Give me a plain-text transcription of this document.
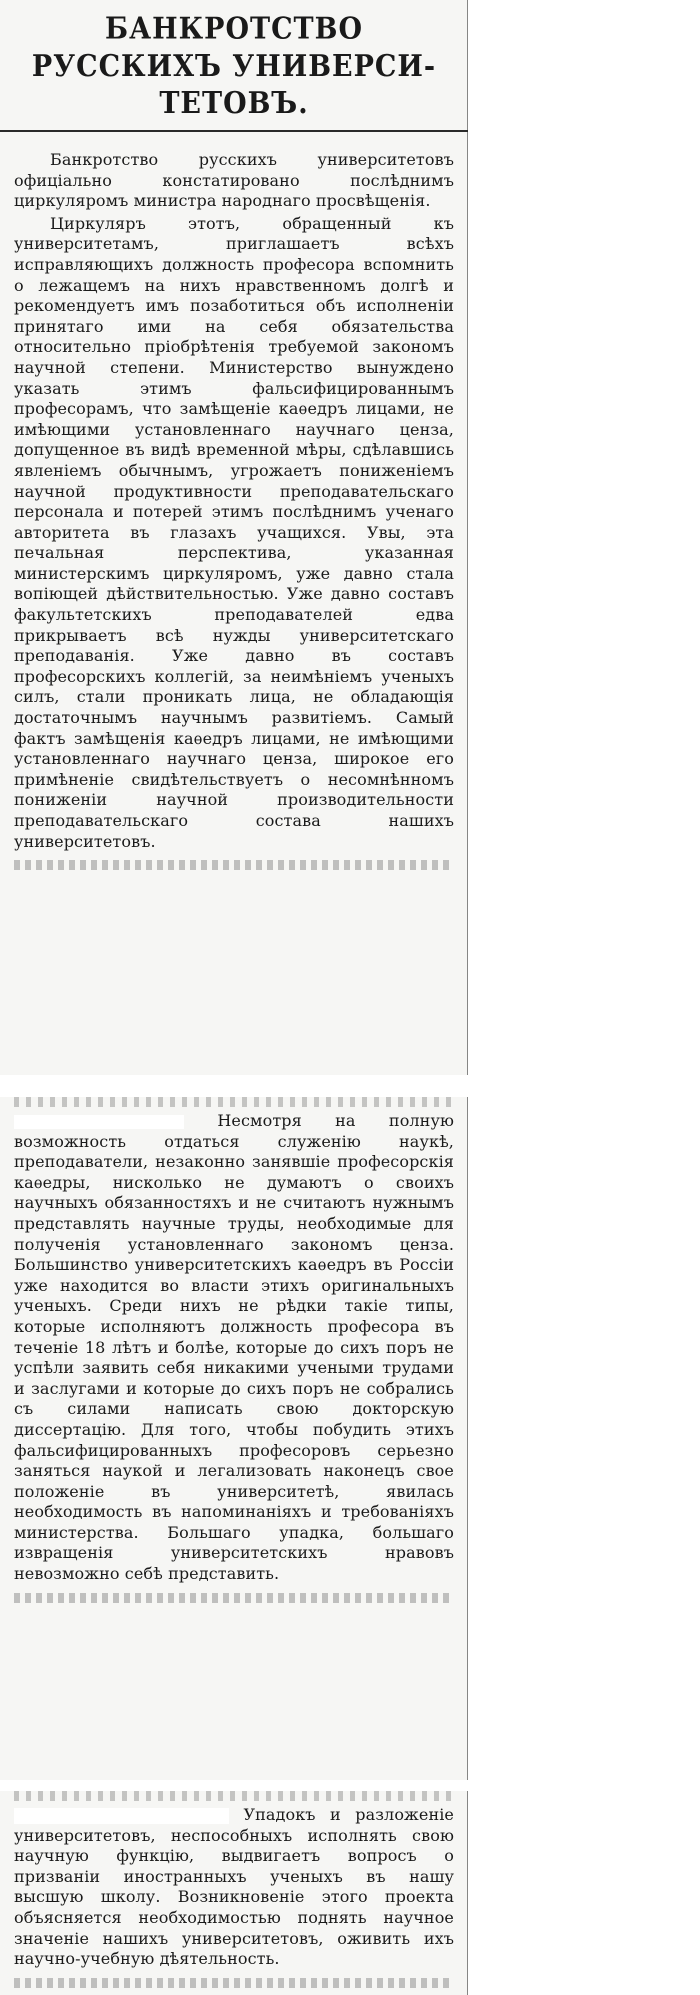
БАНКРОТСТВО РУССКИХЪ УНИВЕРСИ-ТЕТОВЪ.

Банкротство русскихъ университетовъ офиціально констатировано послѣднимъ циркуляромъ министра народнаго просвѣщенія.

Циркуляръ этотъ, обращенный къ университетамъ, приглашаетъ всѣхъ исправляющихъ должность професора вспомнить о лежащемъ на нихъ нравственномъ долгѣ и рекомендуетъ имъ позаботиться объ исполненіи принятаго ими на себя обязательства относительно пріобрѣтенія требуемой закономъ научной степени. Министерство вынуждено указать этимъ фальсифицированнымъ професорамъ, что замѣщеніе каѳедръ лицами, не имѣющими установленнаго научнаго ценза, допущенное въ видѣ временной мѣры, сдѣлавшись явленіемъ обычнымъ, угрожаетъ пониженіемъ научной продуктивности преподавательскаго персонала и потерей этимъ послѣднимъ ученаго авторитета въ глазахъ учащихся. Увы, эта печальная перспектива, указанная министерскимъ циркуляромъ, уже давно стала вопіющей дѣйствительностью. Уже давно составъ факультетскихъ преподавателей едва прикрываетъ всѣ нужды университетскаго преподаванія. Уже давно въ составъ професорскихъ коллегій, за неимѣніемъ ученыхъ силъ, стали проникать лица, не обладающія достаточнымъ научнымъ развитіемъ. Самый фактъ замѣщенія каѳедръ лицами, не имѣющими установленнаго научнаго ценза, широкое его примѣненіе свидѣтельствуетъ о несомнѣнномъ пониженіи научной производительности преподавательскаго состава нашихъ университетовъ.

Несмотря на полную возможность отдаться служенію наукѣ, преподаватели, незаконно занявшіе професорскія каѳедры, нисколько не думаютъ о своихъ научныхъ обязанностяхъ и не считаютъ нужнымъ представлять научные труды, необходимые для полученія установленнаго закономъ ценза. Большинство университетскихъ каѳедръ въ Россіи уже находится во власти этихъ оригинальныхъ ученыхъ. Среди нихъ не рѣдки такіе типы, которые исполняютъ должность професора въ теченіе 18 лѣтъ и болѣе, которые до сихъ поръ не успѣли заявить себя никакими учеными трудами и заслугами и которые до сихъ поръ не собрались съ силами написать свою докторскую диссертацію. Для того, чтобы побудить этихъ фальсифицированныхъ професоровъ серьезно заняться наукой и легализовать наконецъ свое положеніе въ университетѣ, явилась необходимость въ напоминаніяхъ и требованіяхъ министерства. Большаго упадка, большаго извращенія университетскихъ нравовъ невозможно себѣ представить.

Упадокъ и разложеніе университетовъ, неспособныхъ исполнять свою научную функцію, выдвигаетъ вопросъ о призваніи иностранныхъ ученыхъ въ нашу высшую школу. Возникновеніе этого проекта объясняется необходимостью поднять научное значеніе нашихъ университетовъ, оживить ихъ научно-учебную дѣятельность.
